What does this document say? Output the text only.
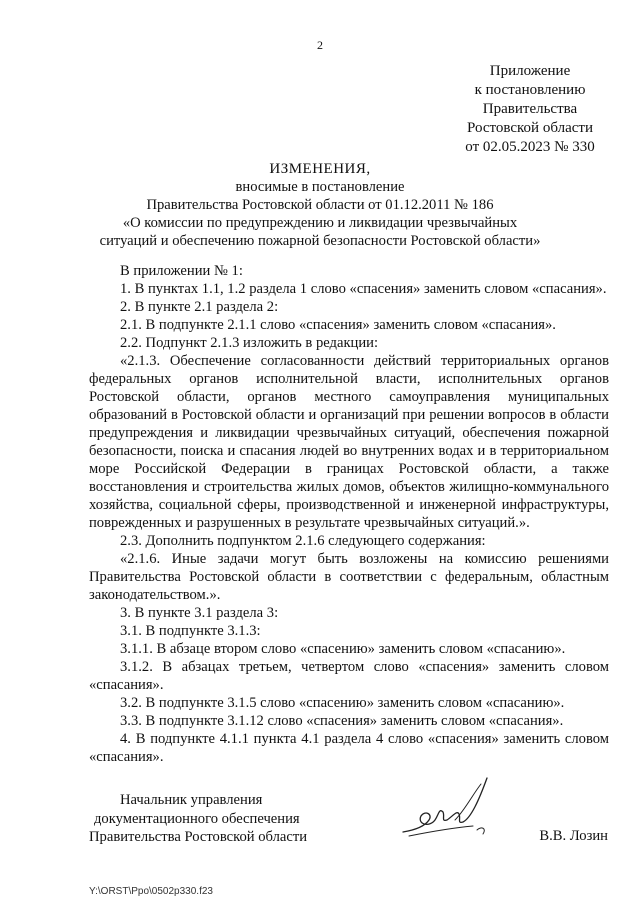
2
Приложение
к постановлению
Правительства
Ростовской области
от 02.05.2023 № 330
ИЗМЕНЕНИЯ,
вносимые в постановление
Правительства Ростовской области от 01.12.2011 № 186
«О комиссии по предупреждению и ликвидации чрезвычайных
ситуаций и обеспечению пожарной безопасности Ростовской области»

В приложении № 1:

1. В пунктах 1.1, 1.2 раздела 1 слово «спасения» заменить словом «спасания».

2. В пункте 2.1 раздела 2:

2.1. В подпункте 2.1.1 слово «спасения» заменить словом «спасания».

2.2. Подпункт 2.1.3 изложить в редакции:

«2.1.3. Обеспечение согласованности действий территориальных органов федеральных органов исполнительной власти, исполнительных органов Ростовской области, органов местного самоуправления муниципальных образований в Ростовской области и организаций при решении вопросов в области предупреждения и ликвидации чрезвычайных ситуаций, обеспечения пожарной безопасности, поиска и спасания людей во внутренних водах и в территориальном море Российской Федерации в границах Ростовской области, а также восстановления и строительства жилых домов, объектов жилищно-коммунального хозяйства, социальной сферы, производственной и инженерной инфраструктуры, поврежденных и разрушенных в результате чрезвычайных ситуаций.».

2.3. Дополнить подпунктом 2.1.6 следующего содержания:

«2.1.6. Иные задачи могут быть возложены на комиссию решениями Правительства Ростовской области в соответствии с федеральным, областным законодательством.».

3. В пункте 3.1 раздела 3:

3.1. В подпункте 3.1.3:

3.1.1. В абзаце втором слово «спасению» заменить словом «спасанию».

3.1.2. В абзацах третьем, четвертом слово «спасения» заменить словом «спасания».

3.2. В подпункте 3.1.5 слово «спасению» заменить словом «спасанию».

3.3. В подпункте 3.1.12 слово «спасения» заменить словом «спасания».

4. В подпункте 4.1.1 пункта 4.1 раздела 4 слово «спасения» заменить словом «спасания».

Начальник управления
документационного обеспечения
Правительства Ростовской области	В.В. Лозин
Y:\ORST\Ppo\0502p330.f23
